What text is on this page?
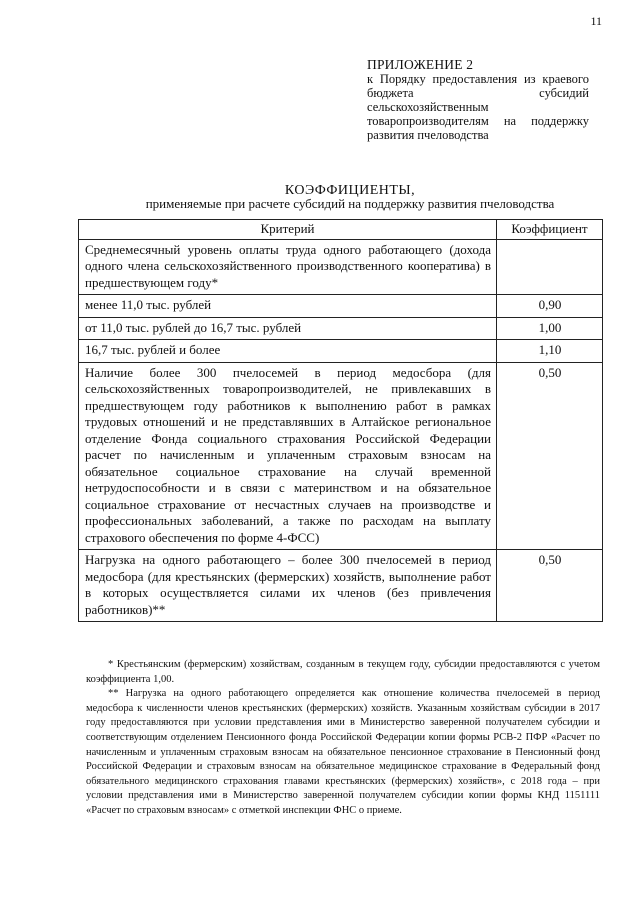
11
ПРИЛОЖЕНИЕ 2
к Порядку предоставления из краевого бюджета субсидий сельскохозяйственным товаропроизводителям на поддержку развития пчеловодства
КОЭФФИЦИЕНТЫ,
применяемые при расчете субсидий на поддержку развития пчеловодства
Критерий	Коэффициент
Среднемесячный уровень оплаты труда одного работающего (дохода одного члена сельскохозяйственного производственного кооператива) в предшествующем году*	
менее 11,0 тыс. рублей	0,90
от 11,0 тыс. рублей до 16,7 тыс. рублей	1,00
16,7 тыс. рублей и более	1,10
Наличие более 300 пчелосемей в период медосбора (для сельскохозяйственных товаропроизводителей, не привлекавших в предшествующем году работников к выполнению работ в рамках трудовых отношений и не представлявших в Алтайское региональное отделение Фонда социального страхования Российской Федерации расчет по начисленным и уплаченным страховым взносам на обязательное социальное страхование на случай временной нетрудоспособности и в связи с материнством и на обязательное социальное страхование от несчастных случаев на производстве и профессиональных заболеваний, а также по расходам на выплату страхового обеспечения по форме 4-ФСС)	0,50
Нагрузка на одного работающего – более 300 пчелосемей в период медосбора (для крестьянских (фермерских) хозяйств, выполнение работ в которых осуществляется силами их членов (без привлечения работников)**	0,50

* Крестьянским (фермерским) хозяйствам, созданным в текущем году, субсидии предоставляются с учетом коэффициента 1,00.

** Нагрузка на одного работающего определяется как отношение количества пчелосемей в период медосбора к численности членов крестьянских (фермерских) хозяйств. Указанным хозяйствам субсидии в 2017 году предоставляются при условии представления ими в Министерство заверенной получателем субсидии и соответствующим отделением Пенсионного фонда Российской Федерации копии формы РСВ-2 ПФР «Расчет по начисленным и уплаченным страховым взносам на обязательное пенсионное страхование в Пенсионный фонд Российской Федерации и страховым взносам на обязательное медицинское страхование в Федеральный фонд обязательного медицинского страхования главами крестьянских (фермерских) хозяйств», с 2018 года – при условии представления ими в Министерство заверенной получателем субсидии копии формы КНД 1151111 «Расчет по страховым взносам» с отметкой инспекции ФНС о приеме.
